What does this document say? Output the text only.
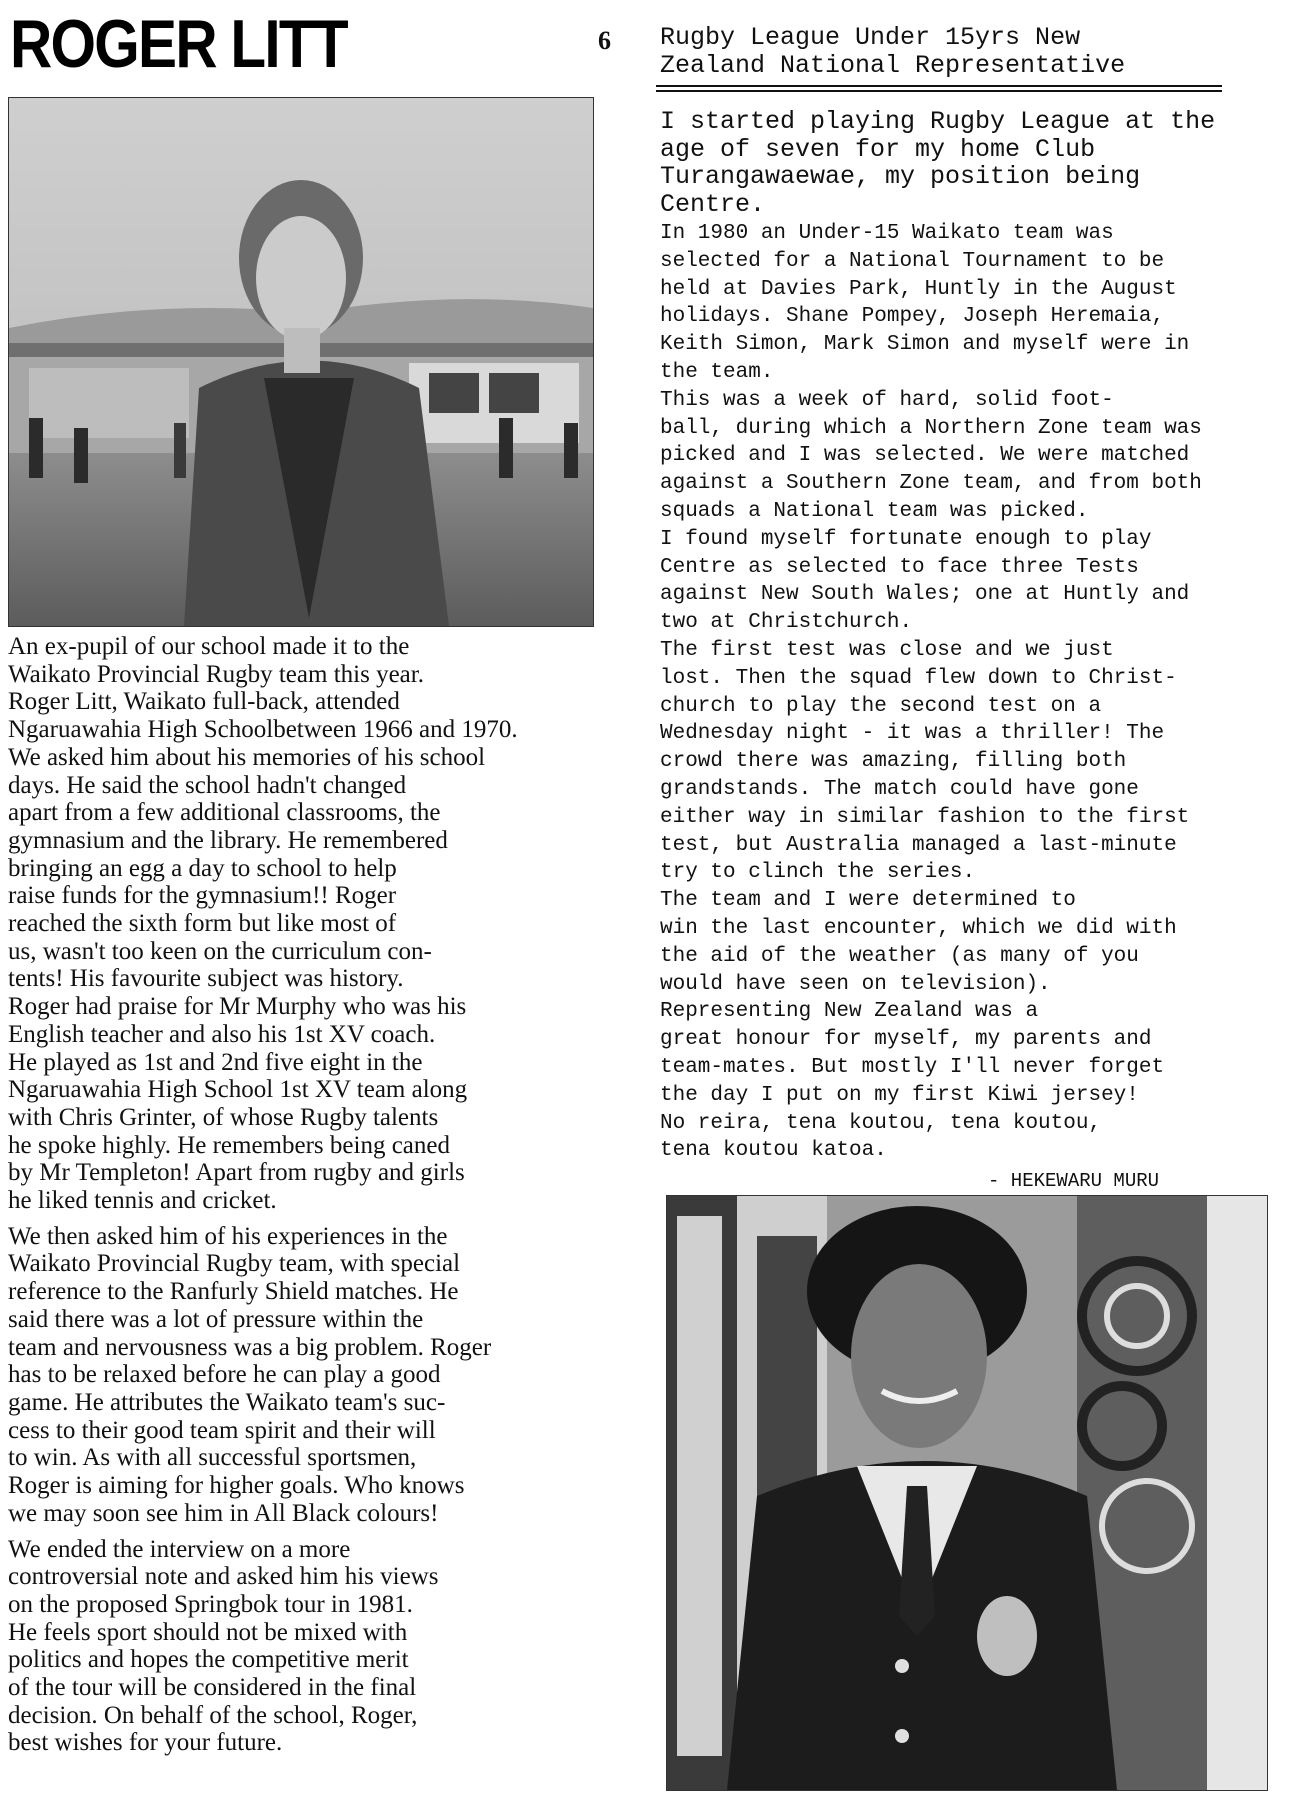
ROGER LITT	6 Rugby League Under 15yrs New
Zealand National Representative

An ex-pupil of our school made it to the
Waikato Provincial Rugby team this year.
Roger Litt, Waikato full-back, attended
Ngaruawahia High Schoolbetween 1966 and 1970.
We asked him about his memories of his school
days. He said the school hadn't changed
apart from a few additional classrooms, the
gymnasium and the library. He remembered
bringing an egg a day to school to help
raise funds for the gymnasium!! Roger
reached the sixth form but like most of
us, wasn't too keen on the curriculum con-
tents! His favourite subject was history.
Roger had praise for Mr Murphy who was his
English teacher and also his 1st XV coach.
He played as 1st and 2nd five eight in the
Ngaruawahia High School 1st XV team along
with Chris Grinter, of whose Rugby talents
he spoke highly. He remembers being caned
by Mr Templeton! Apart from rugby and girls
he liked tennis and cricket.

We then asked him of his experiences in the
Waikato Provincial Rugby team, with special
reference to the Ranfurly Shield matches. He
said there was a lot of pressure within the
team and nervousness was a big problem. Roger
has to be relaxed before he can play a good
game. He attributes the Waikato team's suc-
cess to their good team spirit and their will
to win. As with all successful sportsmen,
Roger is aiming for higher goals. Who knows
we may soon see him in All Black colours!

We ended the interview on a more
controversial note and asked him his views
on the proposed Springbok tour in 1981.
He feels sport should not be mixed with
politics and hopes the competitive merit
of the tour will be considered in the final
decision. On behalf of the school, Roger,
best wishes for your future.

I started playing Rugby League at the
age of seven for my home Club
Turangawaewae, my position being
Centre.

In 1980 an Under-15 Waikato team was
selected for a National Tournament to be
held at Davies Park, Huntly in the August
holidays. Shane Pompey, Joseph Heremaia,
Keith Simon, Mark Simon and myself were in
the team.

This was a week of hard, solid foot-
ball, during which a Northern Zone team was
picked and I was selected. We were matched
against a Southern Zone team, and from both
squads a National team was picked.
I found myself fortunate enough to play
Centre as selected to face three Tests
against New South Wales; one at Huntly and
two at Christchurch.

The first test was close and we just
lost. Then the squad flew down to Christ-
church to play the second test on a
Wednesday night - it was a thriller! The
crowd there was amazing, filling both
grandstands. The match could have gone
either way in similar fashion to the first
test, but Australia managed a last-minute
try to clinch the series.

The team and I were determined to
win the last encounter, which we did with
the aid of the weather (as many of you
would have seen on television).

Representing New Zealand was a
great honour for myself, my parents and
team-mates. But mostly I'll never forget
the day I put on my first Kiwi jersey!

No reira, tena koutou, tena koutou,
tena koutou katoa.

- HEKEWARU MURU
